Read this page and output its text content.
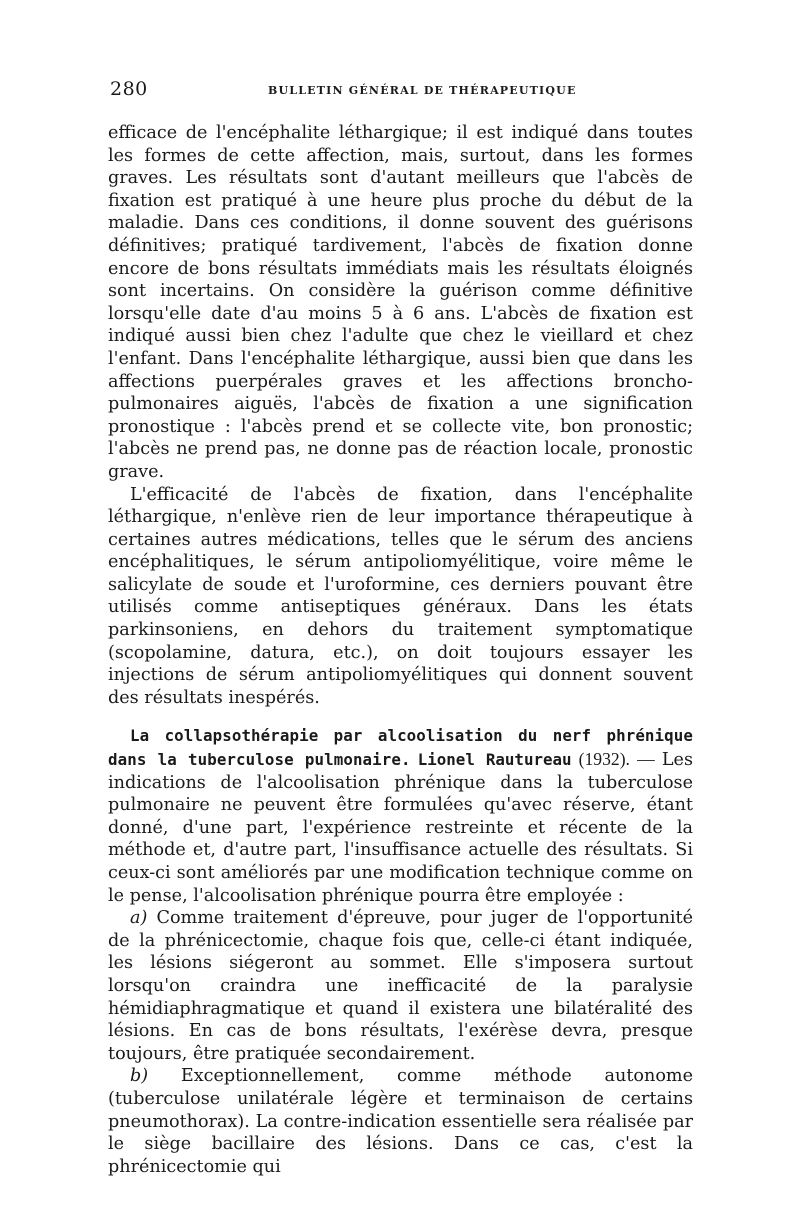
280	BULLETIN GÉNÉRAL DE THÉRAPEUTIQUE

efficace de l'encéphalite léthargique; il est indiqué dans toutes les formes de cette affection, mais, surtout, dans les formes graves. Les résultats sont d'autant meilleurs que l'abcès de fixation est pratiqué à une heure plus proche du début de la maladie. Dans ces conditions, il donne souvent des guérisons définitives; pratiqué tardivement, l'abcès de fixation donne encore de bons résultats immédiats mais les résultats éloignés sont incertains. On considère la guérison comme définitive lorsqu'elle date d'au moins 5 à 6 ans. L'abcès de fixation est indiqué aussi bien chez l'adulte que chez le vieillard et chez l'enfant. Dans l'encéphalite léthargique, aussi bien que dans les affections puerpérales graves et les affections broncho-pulmonaires aiguës, l'abcès de fixation a une signification pronostique : l'abcès prend et se collecte vite, bon pronostic; l'abcès ne prend pas, ne donne pas de réaction locale, pronostic grave.

L'efficacité de l'abcès de fixation, dans l'encéphalite léthargique, n'enlève rien de leur importance thérapeutique à certaines autres médications, telles que le sérum des anciens encéphalitiques, le sérum antipoliomyélitique, voire même le salicylate de soude et l'uroformine, ces derniers pouvant être utilisés comme antiseptiques généraux. Dans les états parkinsoniens, en dehors du traitement symptomatique (scopolamine, datura, etc.), on doit toujours essayer les injections de sérum antipoliomyélitiques qui donnent souvent des résultats inespérés.

La collapsothérapie par alcoolisation du nerf phrénique dans la tuberculose pulmonaire. Lionel Rautureau (1932). — Les indications de l'alcoolisation phrénique dans la tuberculose pulmonaire ne peuvent être formulées qu'avec réserve, étant donné, d'une part, l'expérience restreinte et récente de la méthode et, d'autre part, l'insuffisance actuelle des résultats. Si ceux-ci sont améliorés par une modification technique comme on le pense, l'alcoolisation phrénique pourra être employée :

a) Comme traitement d'épreuve, pour juger de l'opportunité de la phrénicectomie, chaque fois que, celle-ci étant indiquée, les lésions siégeront au sommet. Elle s'imposera surtout lorsqu'on craindra une inefficacité de la paralysie hémidiaphragmatique et quand il existera une bilatéralité des lésions. En cas de bons résultats, l'exérèse devra, presque toujours, être pratiquée secondairement.

b) Exceptionnellement, comme méthode autonome (tuberculose unilatérale légère et terminaison de certains pneumothorax). La contre-indication essentielle sera réalisée par le siège bacillaire des lésions. Dans ce cas, c'est la phrénicectomie qui
